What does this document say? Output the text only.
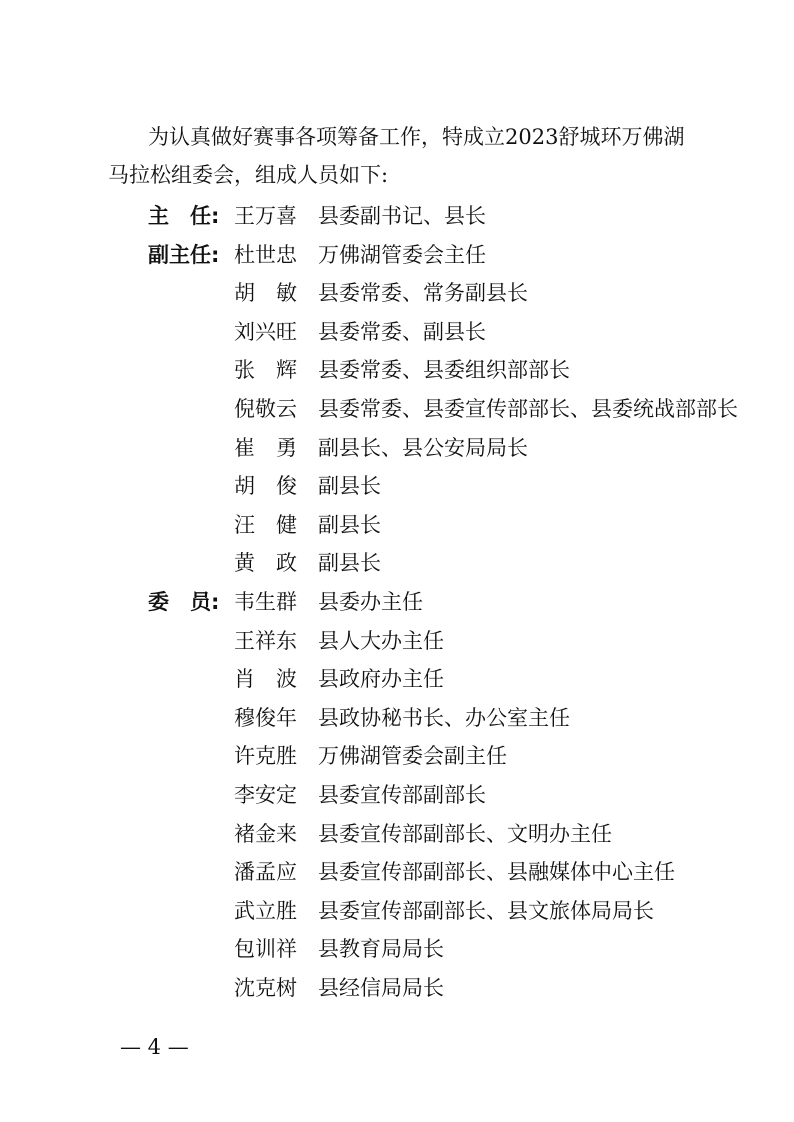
为认真做好赛事各项筹备工作，特成立2023舒城环万佛湖马拉松组委会，组成人员如下:

主　任: 王万喜	县委副书记、县长
副主任: 杜世忠	万佛湖管委会主任
胡　敏	县委常委、常务副县长
刘兴旺	县委常委、副县长
张　辉	县委常委、县委组织部部长
倪敬云	县委常委、县委宣传部部长、县委统战部部长
崔　勇	副县长、县公安局局长
胡　俊	副县长
汪　健	副县长
黄　政	副县长
委　员: 韦生群	县委办主任
王祥东	县人大办主任
肖　波	县政府办主任
穆俊年	县政协秘书长、办公室主任
许克胜	万佛湖管委会副主任
李安定	县委宣传部副部长
褚金来	县委宣传部副部长、文明办主任
潘孟应	县委宣传部副部长、县融媒体中心主任
武立胜	县委宣传部副部长、县文旅体局局长
包训祥	县教育局局长
沈克树	县经信局局长
— 4 —
